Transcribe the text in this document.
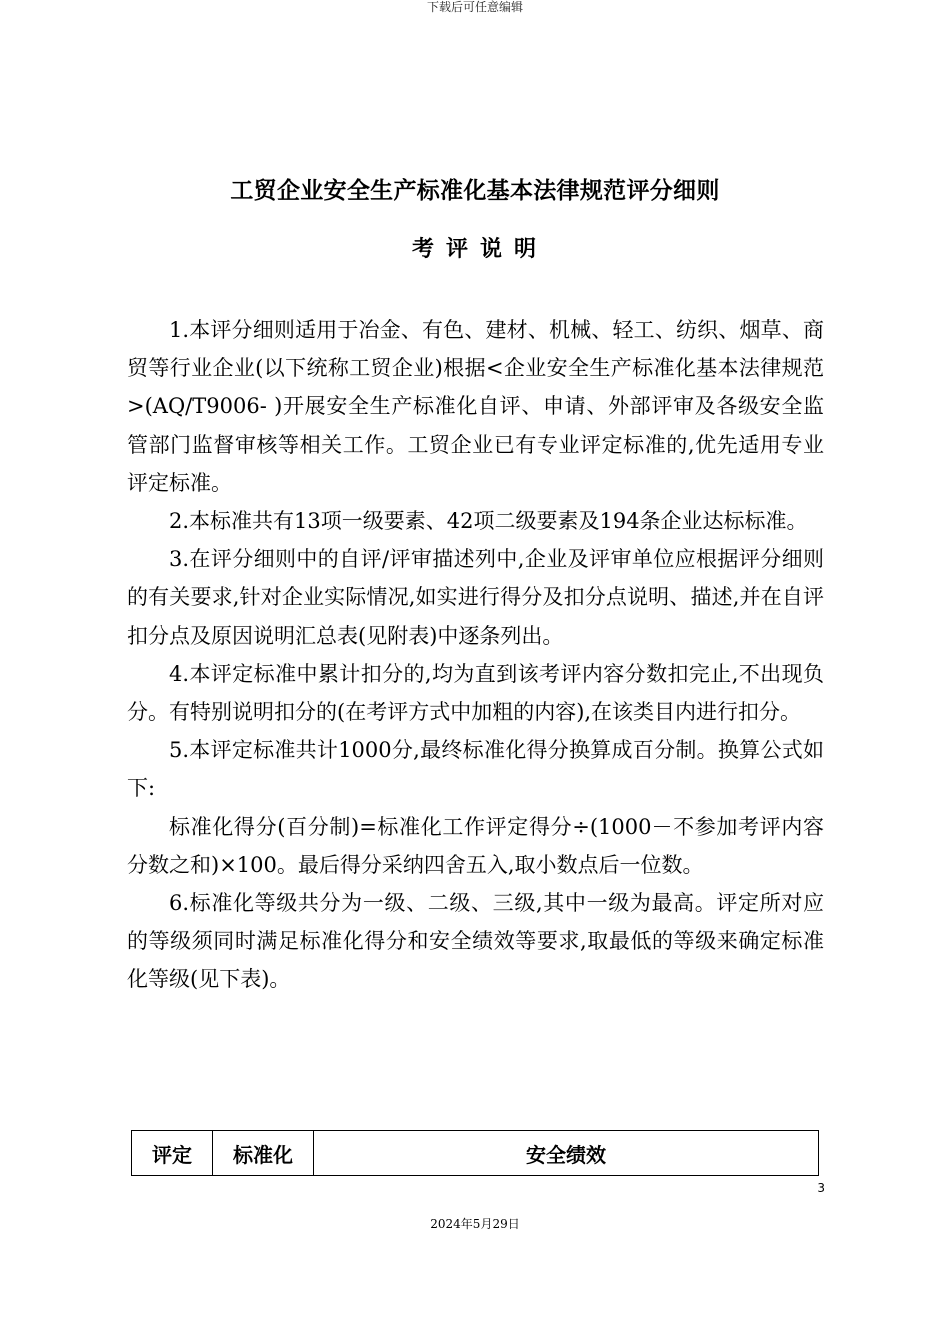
下载后可任意编辑
工贸企业安全生产标准化基本法律规范评分细则
考评说明

1.本评分细则适用于冶金、有色、建材、机械、轻工、纺织、烟草、商贸等行业企业(以下统称工贸企业)根据<企业安全生产标准化基本法律规范>(AQ/T9006- )开展安全生产标准化自评、申请、外部评审及各级安全监管部门监督审核等相关工作。工贸企业已有专业评定标准的,优先适用专业评定标准。

2.本标准共有13项一级要素、42项二级要素及194条企业达标标准。

3.在评分细则中的自评/评审描述列中,企业及评审单位应根据评分细则的有关要求,针对企业实际情况,如实进行得分及扣分点说明、描述,并在自评扣分点及原因说明汇总表(见附表)中逐条列出。

4.本评定标准中累计扣分的,均为直到该考评内容分数扣完止,不出现负分。有特别说明扣分的(在考评方式中加粗的内容),在该类目内进行扣分。

5.本评定标准共计1000分,最终标准化得分换算成百分制。换算公式如下:

标准化得分(百分制)=标准化工作评定得分÷(1000－不参加考评内容分数之和)×100。最后得分采纳四舍五入,取小数点后一位数。

6.标准化等级共分为一级、二级、三级,其中一级为最高。评定所对应的等级须同时满足标准化得分和安全绩效等要求,取最低的等级来确定标准化等级(见下表)。

评定	标准化	安全绩效
3
2024年5月29日
